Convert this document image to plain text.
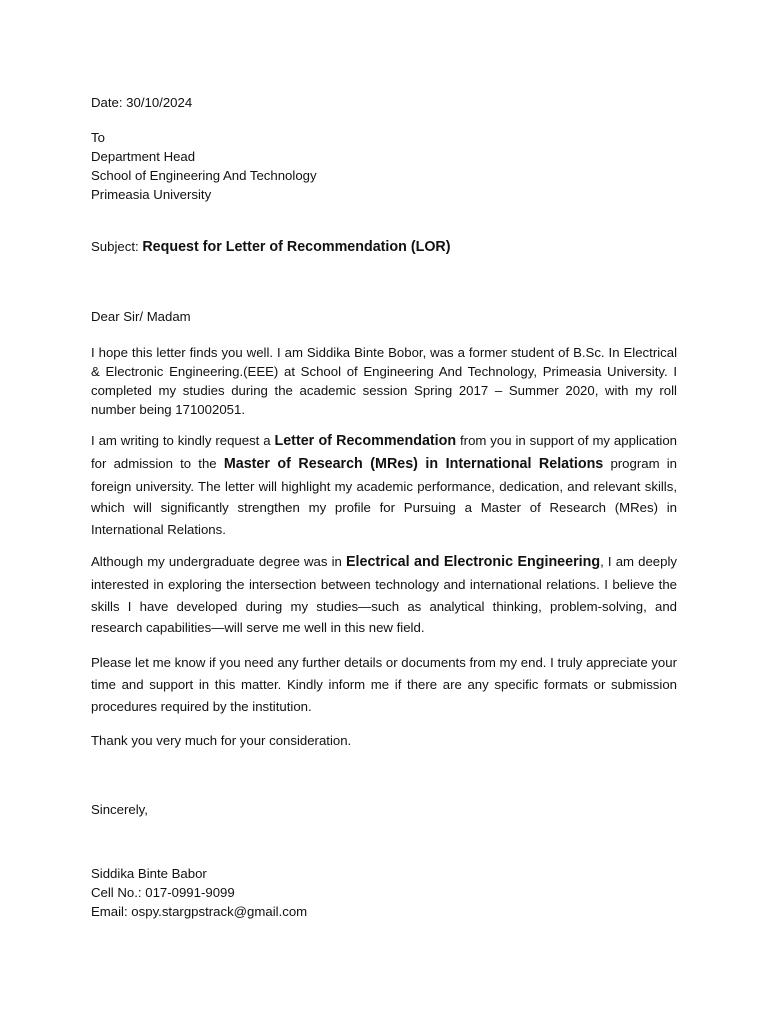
Date: 30/10/2024
To
Department Head
School of Engineering And Technology
Primeasia University
Subject: Request for Letter of Recommendation (LOR)
Dear Sir/ Madam
I hope this letter finds you well. I am Siddika Binte Bobor, was a former student of B.Sc. In Electrical & Electronic Engineering.(EEE) at School of Engineering And Technology, Primeasia University. I completed my studies during the academic session Spring 2017 – Summer 2020, with my roll number being 171002051.
I am writing to kindly request a Letter of Recommendation from you in support of my application for admission to the Master of Research (MRes) in International Relations program in foreign university. The letter will highlight my academic performance, dedication, and relevant skills, which will significantly strengthen my profile for Pursuing a Master of Research (MRes) in International Relations.
Although my undergraduate degree was in Electrical and Electronic Engineering, I am deeply interested in exploring the intersection between technology and international relations. I believe the skills I have developed during my studies—such as analytical thinking, problem-solving, and research capabilities—will serve me well in this new field.
Please let me know if you need any further details or documents from my end. I truly appreciate your time and support in this matter. Kindly inform me if there are any specific formats or submission procedures required by the institution.
Thank you very much for your consideration.
Sincerely,
Siddika Binte Babor
Cell No.: 017-0991-9099
Email: ospy.stargpstrack@gmail.com
